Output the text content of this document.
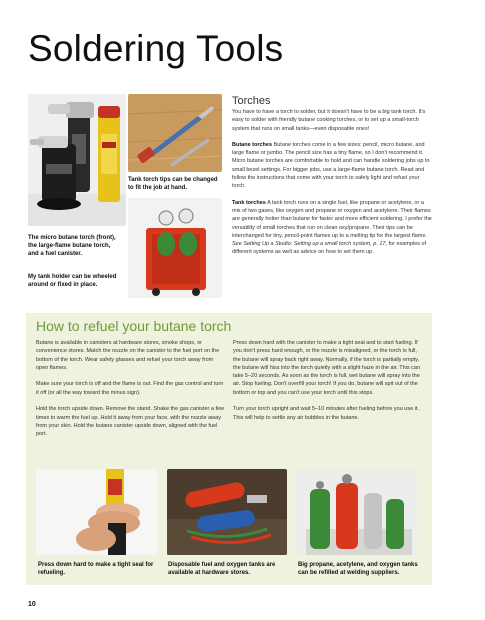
Soldering Tools
The micro butane torch (front), the large-flame butane torch, and a fuel canister.
My tank holder can be wheeled around or fixed in place.
Tank torch tips can be changed to fit the job at hand.
Torches

You have to have a torch to solder, but it doesn't have to be a big tank torch. It's easy to solder with friendly butane cooking torches, or to set up a small-torch system that runs on small tanks—even disposable ones!

Butane torches Butane torches come in a few sizes: pencil, micro butane, and large flame or jumbo. The pencil size has a tiny flame, so I don't recommend it. Micro butane torches are comfortable to hold and can handle soldering jobs up to small bezel settings. For bigger jobs, use a large-flame butane torch. Read and follow the instructions that come with your torch to safely light and refuel your torch.

Tank torches A tank torch runs on a single fuel, like propane or acetylene, or a mix of two gases, like oxygen and propane or oxygen and acetylene. Their flames are generally hotter than butane for faster and more efficient soldering. I prefer the versatility of small torches that run on clean oxy/propane. Their tips can be interchanged for tiny, pencil-point flames up to a melting tip for the largest flame. See Setting Up a Studio: Setting up a small torch system, p. 17, for examples of different systems as well as advice on how to set them up.

How to refuel your butane torch

Butane is available in canisters at hardware stores, smoke shops, or convenience stores. Match the nozzle on the canister to the fuel port on the bottom of the torch. Wear safety glasses and refuel your torch away from open flames.

Make sure your torch is off and the flame is out. Find the gas control and turn it off (or all the way toward the minus sign).

Hold the torch upside down. Remove the stand. Shake the gas canister a few times to warm the fuel up. Hold it away from your face, with the nozzle away from your skin. Hold the butane canister upside down, aligned with the fuel port.

Press down hard with the canister to make a tight seal and to start fueling. If you don't press hard enough, or the nozzle is misaligned, or the torch is full, the butane will spray back right away. Normally, if the torch is partially empty, the butane will hiss into the torch quietly with a slight haze in the air. This can take 5–20 seconds. As soon as the torch is full, wet butane will spray into the air. Stop fueling. Don't overfill your torch! If you do, butane will spit out of the bottom or top and you can't use your torch until this stops.

Turn your torch upright and wait 5–10 minutes after fueling before you use it. This will help to settle any air bubbles in the butane.

Press down hard to make a tight seal for refueling.
Disposable fuel and oxygen tanks are available at hardware stores.
Big propane, acetylene, and oxygen tanks can be refilled at welding suppliers.
10
